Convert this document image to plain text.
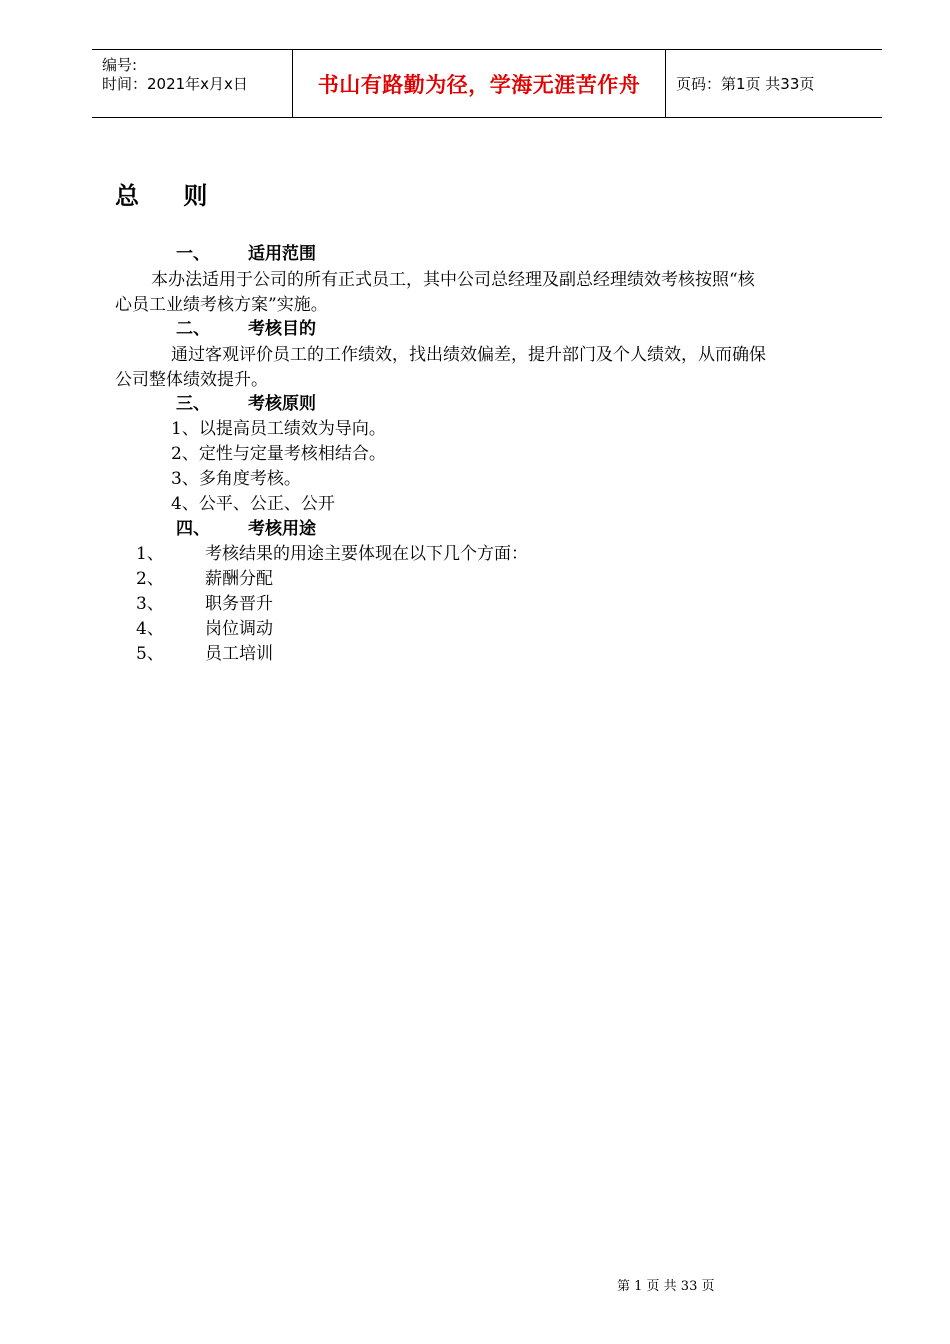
编号:
时间：2021年x月x日	书山有路勤为径，学海无涯苦作舟	页码：第1页 共33页
总 则
一、 适用范围
本办法适用于公司的所有正式员工，其中公司总经理及副总经理绩效考核按照“核
心员工业绩考核方案”实施。
二、 考核目的
通过客观评价员工的工作绩效，找出绩效偏差，提升部门及个人绩效，从而确保
公司整体绩效提升。
三、 考核原则
1、以提高员工绩效为导向。
2、定性与定量考核相结合。
3、多角度考核。
4、公平、公正、公开
四、 考核用途
1、 考核结果的用途主要体现在以下几个方面：
2、 薪酬分配
3、 职务晋升
4、 岗位调动
5、 员工培训
第 1 页 共 33 页
